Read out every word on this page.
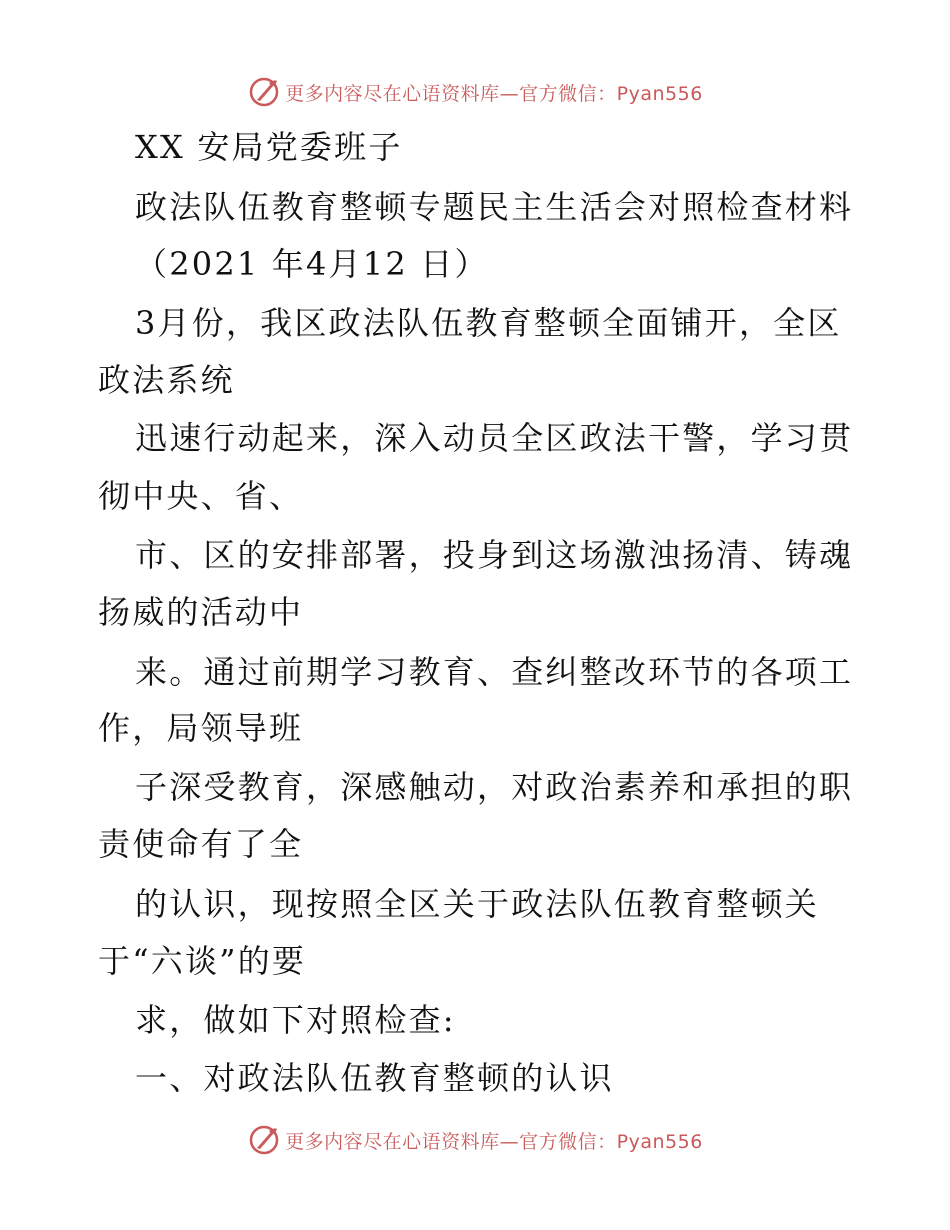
更多内容尽在心语资料库—官方微信：Pyan556
XX 安局党委班子
政法队伍教育整顿专题民主生活会对照检查材料
（2021 年4月12 日）
3月份，我区政法队伍教育整顿全面铺开，全区
政法系统
迅速行动起来，深入动员全区政法干警，学习贯
彻中央、省、
市、区的安排部署，投身到这场激浊扬清、铸魂
扬威的活动中
来。通过前期学习教育、查纠整改环节的各项工
作，局领导班
子深受教育，深感触动，对政治素养和承担的职
责使命有了全
的认识，现按照全区关于政法队伍教育整顿关
于“六谈”的要
求，做如下对照检查:
一、对政法队伍教育整顿的认识
更多内容尽在心语资料库—官方微信：Pyan556
